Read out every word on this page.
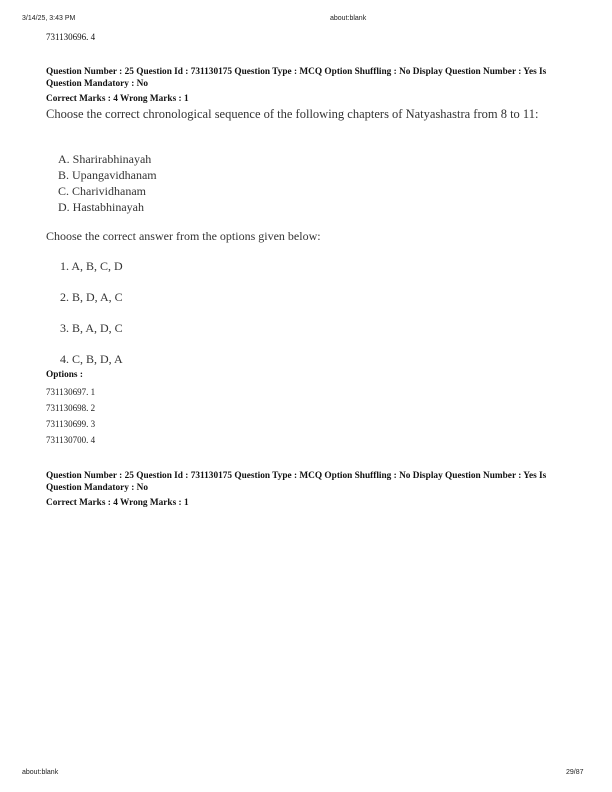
3/14/25, 3:43 PM	about:blank
731130696. 4
Question Number : 25 Question Id : 731130175 Question Type : MCQ Option Shuffling : No Display Question Number : Yes Is Question Mandatory : No
Correct Marks : 4 Wrong Marks : 1
Choose the correct chronological sequence of the following chapters of Natyashastra from 8 to 11:
A. Sharirabhinayah
B. Upangavidhanam
C. Charividhanam
D. Hastabhinayah
Choose the correct answer from the options given below:
1. A, B, C, D
2. B, D, A, C
3. B, A, D, C
4. C, B, D, A
Options :
731130697. 1
731130698. 2
731130699. 3
731130700. 4
Question Number : 25 Question Id : 731130175 Question Type : MCQ Option Shuffling : No Display Question Number : Yes Is Question Mandatory : No
Correct Marks : 4 Wrong Marks : 1
about:blank	29/87
